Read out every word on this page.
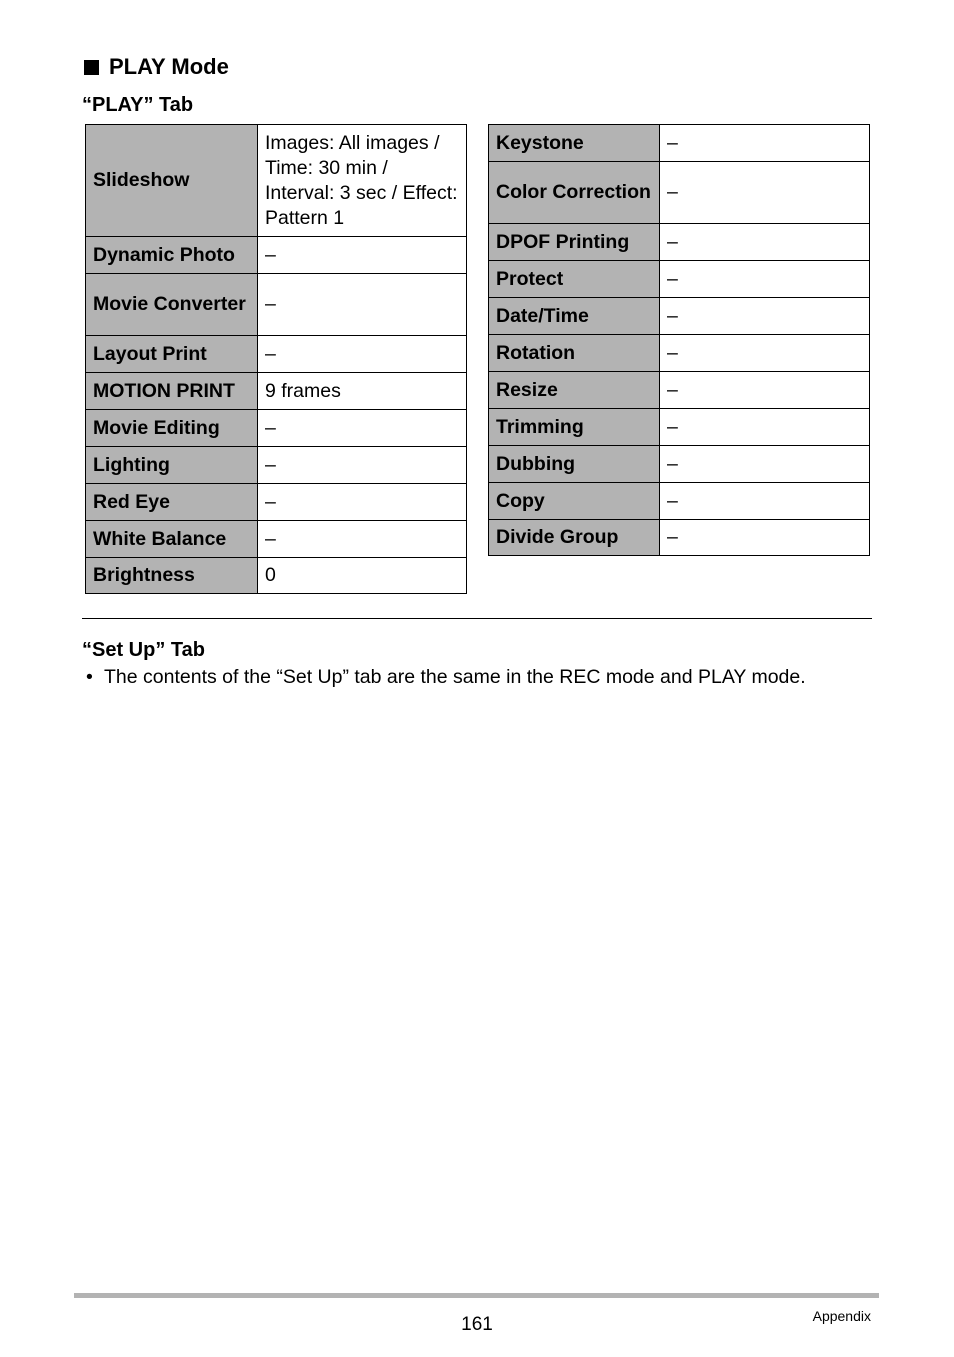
PLAY Mode
“PLAY” Tab
Slideshow	Images: All images / Time: 30 min / Interval: 3 sec / Effect: Pattern 1
Dynamic Photo	–
Movie Converter	–
Layout Print	–
MOTION PRINT	9 frames
Movie Editing	–
Lighting	–
Red Eye	–
White Balance	–
Brightness	0
Keystone	–
Color Correction	–
DPOF Printing	–
Protect	–
Date/Time	–
Rotation	–
Resize	–
Trimming	–
Dubbing	–
Copy	–
Divide Group	–
“Set Up” Tab
• The contents of the “Set Up” tab are the same in the REC mode and PLAY mode.
161	Appendix
